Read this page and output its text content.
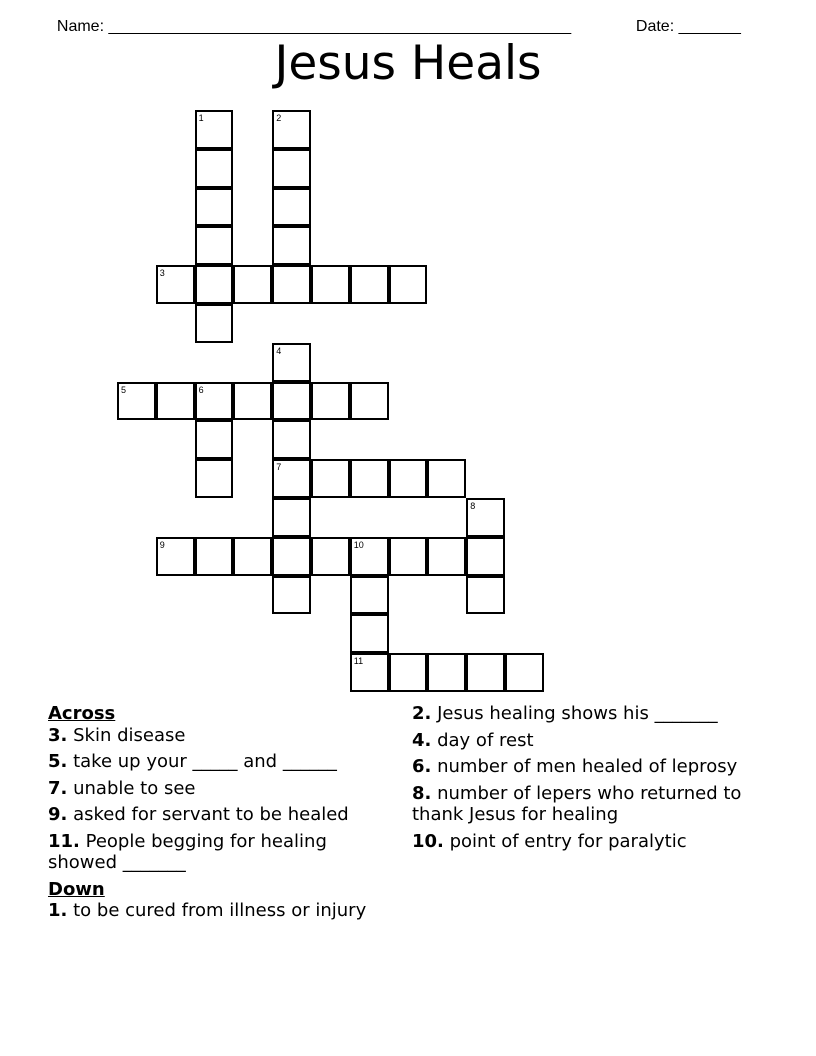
Name: ____________________________________________________	Date: _______

Jesus Heals
1	2
3
4
5	6
7
8
9	10
11
Across
3. Skin disease
5. take up your _____ and ______
7. unable to see
9. asked for servant to be healed
11. People begging for healing showed _______
Down
1. to be cured from illness or injury
2. Jesus healing shows his _______
4. day of rest
6. number of men healed of leprosy
8. number of lepers who returned to thank Jesus for healing
10. point of entry for paralytic
